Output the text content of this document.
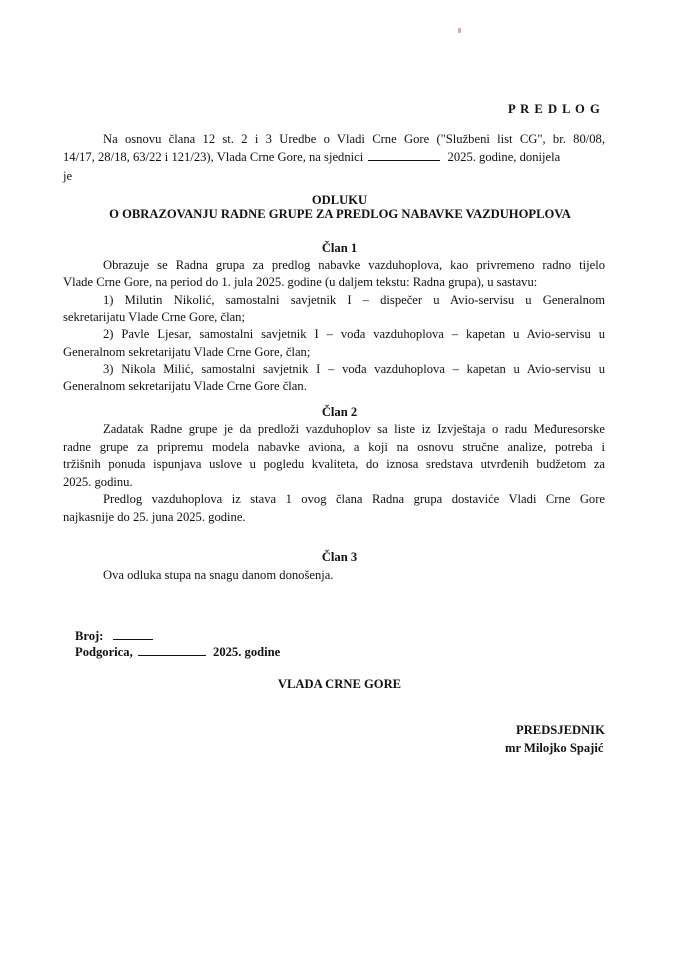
P R E D L O G
Na osnovu člana 12 st. 2 i 3 Uredbe o Vladi Crne Gore ("Službeni list CG", br. 80/08,
14/17, 28/18, 63/22 i 121/23), Vlada Crne Gore, na sjednici	2025. godine, donijela
je
ODLUKU
O OBRAZOVANJU RADNE GRUPE ZA PREDLOG NABAVKE VAZDUHOPLOVA
Član 1
Obrazuje se Radna grupa za predlog nabavke vazduhoplova, kao privremeno radno tijelo
Vlade Crne Gore, na period do 1. jula 2025. godine (u daljem tekstu: Radna grupa), u sastavu:
1) Milutin Nikolić, samostalni savjetnik I – dispečer u Avio-servisu u Generalnom
sekretarijatu Vlade Crne Gore, član;
2) Pavle Ljesar, samostalni savjetnik I – vođa vazduhoplova – kapetan u Avio-servisu u
Generalnom sekretarijatu Vlade Crne Gore, član;
3) Nikola Milić, samostalni savjetnik I – vođa vazduhoplova – kapetan u Avio-servisu u
Generalnom sekretarijatu Vlade Crne Gore član.
Član 2
Zadatak Radne grupe je da predloži vazduhoplov sa liste iz Izvještaja o radu Međuresorske
radne grupe za pripremu modela nabavke aviona, a koji na osnovu stručne analize, potreba i
tržišnih ponuda ispunjava uslove u pogledu kvaliteta, do iznosa sredstava utvrđenih budžetom za
2025. godinu.
Predlog vazduhoplova iz stava 1 ovog člana Radna grupa dostaviće Vladi Crne Gore
najkasnije do 25. juna 2025. godine.
Član 3
Ova odluka stupa na snagu danom donošenja.
Broj:
Podgorica,	2025. godine
VLADA CRNE GORE
PREDSJEDNIK
mr Milojko Spajić
